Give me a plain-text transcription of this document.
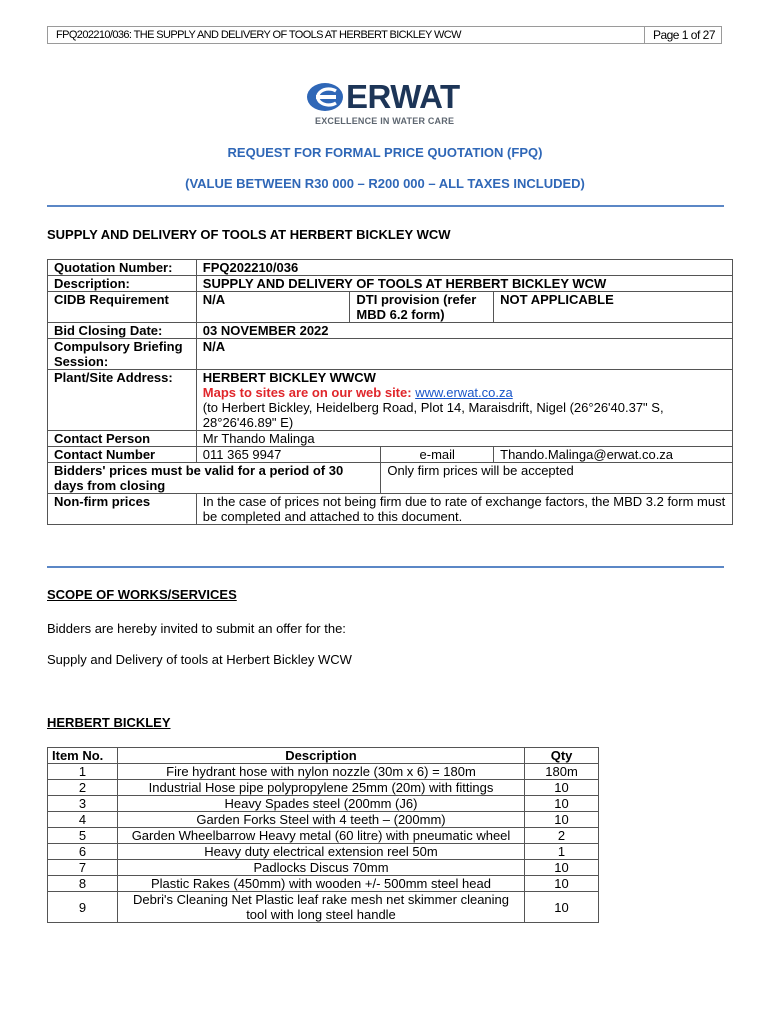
FPQ202210/036: THE SUPPLY AND DELIVERY OF TOOLS AT HERBERT BICKLEY WCW	Page 1 of 27
ERWAT
EXCELLENCE IN WATER CARE
REQUEST FOR FORMAL PRICE QUOTATION (FPQ)
(VALUE BETWEEN R30 000 – R200 000 – ALL TAXES INCLUDED)
SUPPLY AND DELIVERY OF TOOLS AT HERBERT BICKLEY WCW
Quotation Number:	FPQ202210/036			
Description:	SUPPLY AND DELIVERY OF TOOLS AT HERBERT BICKLEY WCW			
CIDB Requirement	N/A	DTI provision (refer MBD 6.2 form)		NOT APPLICABLE
Bid Closing Date:	03 NOVEMBER 2022			
Compulsory Briefing Session:	N/A			
Plant/Site Address:	HERBERT BICKLEY WWCW
Maps to sites are on our web site: www.erwat.co.za
(to Herbert Bickley, Heidelberg Road, Plot 14, Maraisdrift, Nigel (26°26'40.37" S, 28°26'46.89" E)			

Contact Person	Mr Thando Malinga			
Contact Number	011 365 9947		e-mail	Thando.Malinga@erwat.co.za
Bidders' prices must be valid for a period of 30 days from closing			Only firm prices will be accepted	
Non-firm prices	In the case of prices not being firm due to rate of exchange factors, the MBD 3.2 form must be completed and attached to this document.			
SCOPE OF WORKS/SERVICES
Bidders are hereby invited to submit an offer for the:
Supply and Delivery of tools at Herbert Bickley WCW
HERBERT BICKLEY
Item No.	Description	Qty
1	Fire hydrant hose with nylon nozzle (30m x 6) = 180m	180m
2	Industrial Hose pipe polypropylene 25mm (20m) with fittings	10
3	Heavy Spades steel (200mm (J6)	10
4	Garden Forks Steel with 4 teeth – (200mm)	10
5	Garden Wheelbarrow Heavy metal (60 litre) with pneumatic wheel	2
6	Heavy duty electrical extension reel 50m	1
7	Padlocks Discus 70mm	10
8	Plastic Rakes (450mm) with wooden +/- 500mm steel head	10
9	Debri's Cleaning Net Plastic leaf rake mesh net skimmer cleaning tool with long steel handle	10
